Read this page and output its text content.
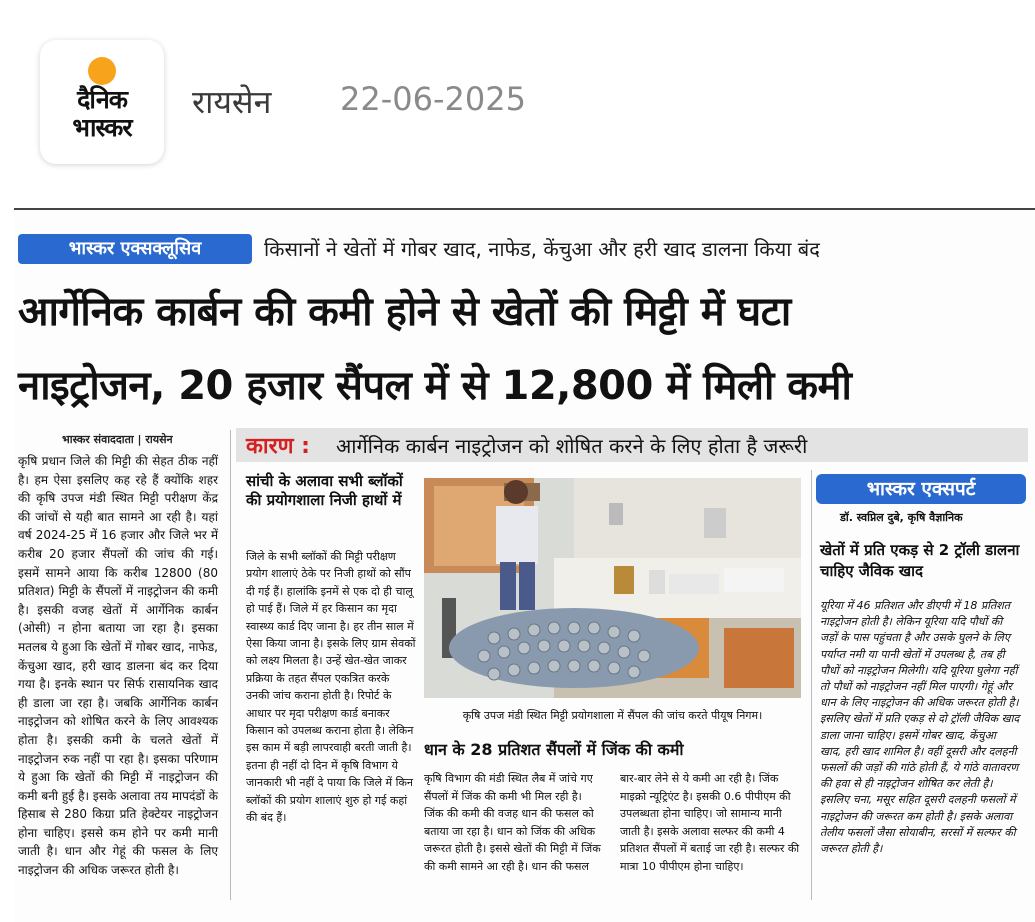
दैनिक
भास्कर
रायसेन 22-06-2025
भास्कर एक्सक्लूसिव	किसानों ने खेतों में गोबर खाद, नाफेड, केंचुआ और हरी खाद डालना किया बंद
आर्गेनिक कार्बन की कमी होने से खेतों की मिट्टी में घटा
नाइट्रोजन, 20 हजार सैंपल में से 12,800 में मिली कमी
भास्कर संवाददाता | रायसेन
कृषि प्रधान जिले की मिट्टी की सेहत ठीक नहीं है। हम ऐसा इसलिए कह रहे हैं क्योंकि शहर की कृषि उपज मंडी स्थित मिट्टी परीक्षण केंद्र की जांचों से यही बात सामने आ रही है। यहां वर्ष 2024-25 में 16 हजार और जिले भर में करीब 20 हजार सैंपलों की जांच की गई। इसमें सामने आया कि करीब 12800 (80 प्रतिशत) मिट्टी के सैंपलों में नाइट्रोजन की कमी है। इसकी वजह खेतों में आर्गेनिक कार्बन (ओसी) न होना बताया जा रहा है। इसका मतलब ये हुआ कि खेतों में गोबर खाद, नाफेड, केंचुआ खाद, हरी खाद डालना बंद कर दिया गया है। इनके स्थान पर सिर्फ रासायनिक खाद ही डाला जा रहा है। जबकि आर्गेनिक कार्बन नाइट्रोजन को शोषित करने के लिए आवश्यक होता है। इसकी कमी के चलते खेतों में नाइट्रोजन रुक नहीं पा रहा है। इसका परिणाम ये हुआ कि खेतों की मिट्टी में नाइट्रोजन की कमी बनी हुई है। इसके अलावा तय मापदंडों के हिसाब से 280 किग्रा प्रति हेक्टेयर नाइट्रोजन होना चाहिए। इससे कम होने पर कमी मानी जाती है। धान और गेहूं की फसल के लिए नाइट्रोजन की अधिक जरूरत होती है।
कारण : आर्गेनिक कार्बन नाइट्रोजन को शोषित करने के लिए होता है जरूरी
सांची के अलावा सभी ब्लॉकों की प्रयोगशाला निजी हाथों में
जिले के सभी ब्लॉकों की मिट्टी परीक्षण प्रयोग शालाएं ठेके पर निजी हाथों को सौंप दी गई हैं। हालांकि इनमें से एक दो ही चालू हो पाई हैं। जिले में हर किसान का मृदा स्वास्थ्य कार्ड दिए जाना है। हर तीन साल में ऐसा किया जाना है। इसके लिए ग्राम सेवकों को लक्ष्य मिलता है। उन्हें खेत-खेत जाकर प्रक्रिया के तहत सैंपल एकत्रित करके उनकी जांच कराना होती है। रिपोर्ट के आधार पर मृदा परीक्षण कार्ड बनाकर किसान को उपलब्ध कराना होता है। लेकिन इस काम में बड़ी लापरवाही बरती जाती है। इतना ही नहीं दो दिन में कृषि विभाग ये जानकारी भी नहीं दे पाया कि जिले में किन ब्लॉकों की प्रयोग शालाएं शुरु हो गई कहां की बंद हैं।
कृषि उपज मंडी स्थित मिट्टी प्रयोगशाला में सैंपल की जांच करते पीयूष निगम।
धान के 28 प्रतिशत सैंपलों में जिंक की कमी
कृषि विभाग की मंडी स्थित लैब में जांचे गए सैंपलों में जिंक की कमी भी मिल रही है। जिंक की कमी की वजह धान की फसल को बताया जा रहा है। धान को जिंक की अधिक जरूरत होती है। इससे खेतों की मिट्टी में जिंक की कमी सामने आ रही है। धान की फसल
बार-बार लेने से ये कमी आ रही है। जिंक माइक्रो न्यूट्रिएंट है। इसकी 0.6 पीपीएम की उपलब्धता होना चाहिए। जो सामान्य मानी जाती है। इसके अलावा सल्फर की कमी 4 प्रतिशत सैंपलों में बताई जा रही है। सल्फर की मात्रा 10 पीपीएम होना चाहिए।
भास्कर एक्सपर्ट
डॉ. स्वप्निल दुबे, कृषि वैज्ञानिक
खेतों में प्रति एकड़ से 2 ट्रॉली डालना चाहिए जैविक खाद
यूरिया में 46 प्रतिशत और डीएपी में 18 प्रतिशत नाइट्रोजन होती है। लेकिन यूरिया यदि पौधों की जड़ों के पास पहुंचता है और उसके घुलने के लिए पर्याप्त नमी या पानी खेतों में उपलब्ध है, तब ही पौधों को नाइट्रोजन मिलेगी। यदि यूरिया घुलेगा नहीं तो पौधों को नाइट्रोजन नहीं मिल पाएगी। गेहूं और धान के लिए नाइट्रोजन की अधिक जरूरत होती है। इसलिए खेतों में प्रति एकड़ से दो ट्रॉली जैविक खाद डाला जाना चाहिए। इसमें गोबर खाद, केंचुआ खाद, हरी खाद शामिल है। वहीं दूसरी और दलहनी फसलों की जड़ों की गांठे होती हैं, ये गांठे वातावरण की हवा से ही नाइट्रोजन शोषित कर लेती है। इसलिए चना, मसूर सहित दूसरी दलहनी फसलों में नाइट्रोजन की जरूरत कम होती है। इसके अलावा तेलीय फसलों जैसा सोयाबीन, सरसों में सल्फर की जरूरत होती है।
